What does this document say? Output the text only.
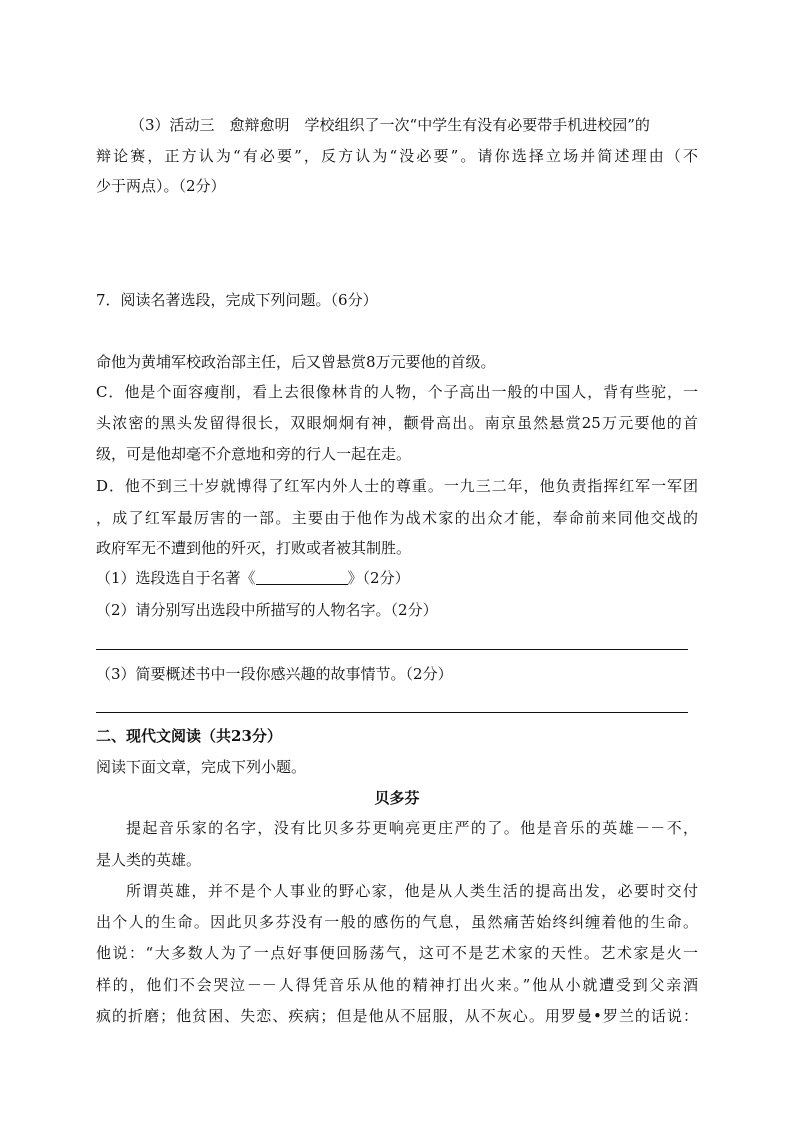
（3）活动三　愈辩愈明　学校组织了一次“中学生有没有必要带手机进校园”的
辩论赛，正方认为“有必要”，反方认为“没必要”。请你选择立场并简述理由（不
少于两点）。（2分）
7．阅读名著选段，完成下列问题。（6分）
命他为黄埔军校政治部主任，后又曾悬赏8万元要他的首级。
C．他是个面容瘦削，看上去很像林肯的人物，个子高出一般的中国人，背有些驼，一
头浓密的黑头发留得很长，双眼炯炯有神，颧骨高出。南京虽然悬赏25万元要他的首
级，可是他却毫不介意地和旁的行人一起在走。
D．他不到三十岁就博得了红军内外人士的尊重。一九三二年，他负责指挥红军一军团
，成了红军最厉害的一部。主要由于他作为战术家的出众才能，奉命前来同他交战的
政府军无不遭到他的歼灭，打败或者被其制胜。
（1）选段选自于名著《	》（2分）
（2）请分别写出选段中所描写的人物名字。（2分）
（3）简要概述书中一段你感兴趣的故事情节。（2分）
二、现代文阅读（共23分）
阅读下面文章，完成下列小题。
贝多芬
提起音乐家的名字，没有比贝多芬更响亮更庄严的了。他是音乐的英雄－－不，
是人类的英雄。
所谓英雄，并不是个人事业的野心家，他是从人类生活的提高出发，必要时交付
出个人的生命。因此贝多芬没有一般的感伤的气息，虽然痛苦始终纠缠着他的生命。
他说：“大多数人为了一点好事便回肠荡气，这可不是艺术家的天性。艺术家是火一
样的，他们不会哭泣－－人得凭音乐从他的精神打出火来。”他从小就遭受到父亲酒
疯的折磨；他贫困、失恋、疾病；但是他从不屈服，从不灰心。用罗曼•罗兰的话说：
